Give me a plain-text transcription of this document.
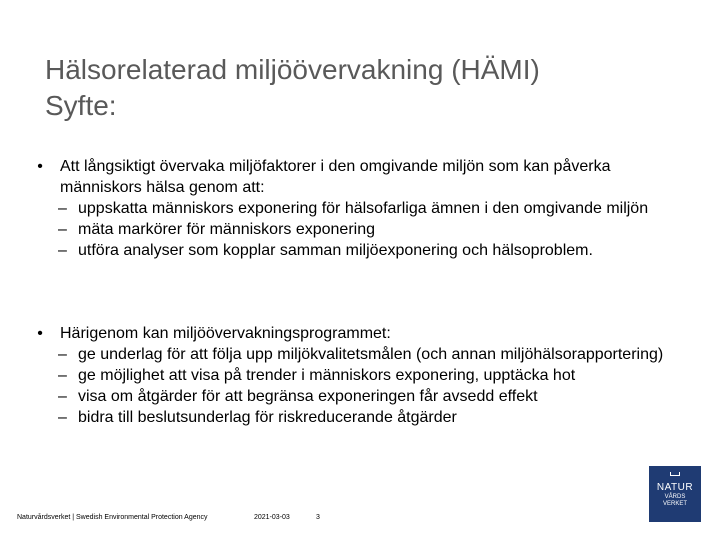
Hälsorelaterad miljöövervakning (HÄMI)
Syfte:
•	Att långsiktigt övervaka miljöfaktorer i den omgivande miljön som kan påverka människors hälsa genom att:
– uppskatta människors exponering för hälsofarliga ämnen i den omgivande miljön
– mäta markörer för människors exponering
– utföra analyser som kopplar samman miljöexponering och hälsoproblem.
•	Härigenom kan miljöövervakningsprogrammet:
– ge underlag för att följa upp miljökvalitetsmålen (och annan miljöhälsorapportering)
– ge möjlighet att visa på trender i människors exponering, upptäcka hot
– visa om åtgärder för att begränsa exponeringen får avsedd effekt
– bidra till beslutsunderlag för riskreducerande åtgärder
Naturvårdsverket | Swedish Environmental Protection Agency	2021-03-03	3
NATUR
VÅRDS
VERKET
